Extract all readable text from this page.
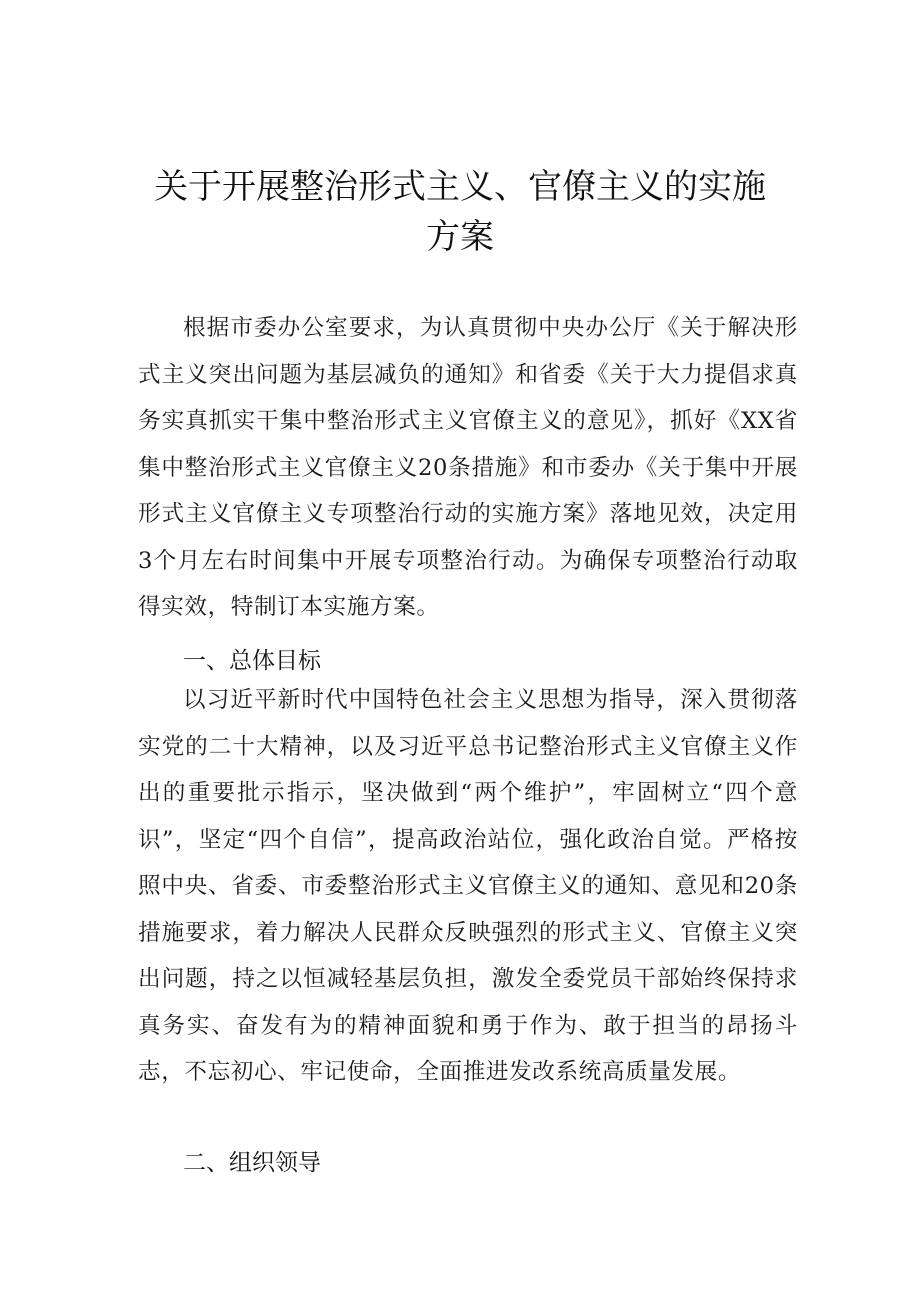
关于开展整治形式主义、官僚主义的实施
方案

根据市委办公室要求，为认真贯彻中央办公厅《关于解决形式主义突出问题为基层减负的通知》和省委《关于大力提倡求真务实真抓实干集中整治形式主义官僚主义的意见》，抓好《XX省集中整治形式主义官僚主义20条措施》和市委办《关于集中开展形式主义官僚主义专项整治行动的实施方案》落地见效，决定用3个月左右时间集中开展专项整治行动。为确保专项整治行动取得实效，特制订本实施方案。

一、总体目标

以习近平新时代中国特色社会主义思想为指导，深入贯彻落实党的二十大精神，以及习近平总书记整治形式主义官僚主义作出的重要批示指示，坚决做到“两个维护”，牢固树立“四个意识”，坚定“四个自信”，提高政治站位，强化政治自觉。严格按照中央、省委、市委整治形式主义官僚主义的通知、意见和20条措施要求，着力解决人民群众反映强烈的形式主义、官僚主义突出问题，持之以恒减轻基层负担，激发全委党员干部始终保持求真务实、奋发有为的精神面貌和勇于作为、敢于担当的昂扬斗志，不忘初心、牢记使命，全面推进发改系统高质量发展。

二、组织领导
